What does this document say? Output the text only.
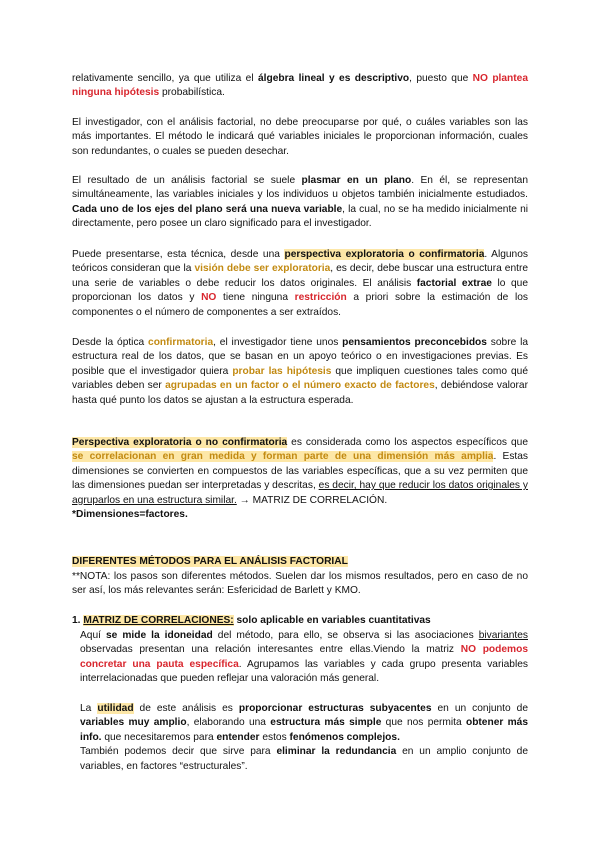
relativamente sencillo, ya que utiliza el álgebra lineal y es descriptivo, puesto que NO plantea ninguna hipótesis probabilística.

El investigador, con el análisis factorial, no debe preocuparse por qué, o cuáles variables son las más importantes. El método le indicará qué variables iniciales le proporcionan información, cuales son redundantes, o cuales se pueden desechar.

El resultado de un análisis factorial se suele plasmar en un plano. En él, se representan simultáneamente, las variables iniciales y los individuos u objetos también inicialmente estudiados. Cada uno de los ejes del plano será una nueva variable, la cual, no se ha medido inicialmente ni directamente, pero posee un claro significado para el investigador.

Puede presentarse, esta técnica, desde una perspectiva exploratoria o confirmatoria. Algunos teóricos consideran que la visión debe ser exploratoria, es decir, debe buscar una estructura entre una serie de variables o debe reducir los datos originales. El análisis factorial extrae lo que proporcionan los datos y NO tiene ninguna restricción a priori sobre la estimación de los componentes o el número de componentes a ser extraídos.

Desde la óptica confirmatoria, el investigador tiene unos pensamientos preconcebidos sobre la estructura real de los datos, que se basan en un apoyo teórico o en investigaciones previas. Es posible que el investigador quiera probar las hipótesis que impliquen cuestiones tales como qué variables deben ser agrupadas en un factor o el número exacto de factores, debiéndose valorar hasta qué punto los datos se ajustan a la estructura esperada.

Perspectiva exploratoria o no confirmatoria es considerada como los aspectos específicos que se correlacionan en gran medida y forman parte de una dimensión más amplia. Estas dimensiones se convierten en compuestos de las variables específicas, que a su vez permiten que las dimensiones puedan ser interpretadas y descritas, es decir, hay que reducir los datos originales y agruparlos en una estructura similar. → MATRIZ DE CORRELACIÓN.
*Dimensiones=factores.

DIFERENTES MÉTODOS PARA EL ANÁLISIS FACTORIAL

**NOTA: los pasos son diferentes métodos. Suelen dar los mismos resultados, pero en caso de no ser así, los más relevantes serán: Esfericidad de Barlett y KMO.

1. MATRIZ DE CORRELACIONES: solo aplicable en variables cuantitativas

Aquí se mide la idoneidad del método, para ello, se observa si las asociaciones bivariantes observadas presentan una relación interesantes entre ellas.Viendo la matriz NO podemos concretar una pauta específica. Agrupamos las variables y cada grupo presenta variables interrelacionadas que pueden reflejar una valoración más general.

La utilidad de este análisis es proporcionar estructuras subyacentes en un conjunto de variables muy amplio, elaborando una estructura más simple que nos permita obtener más info. que necesitaremos para entender estos fenómenos complejos.
También podemos decir que sirve para eliminar la redundancia en un amplio conjunto de variables, en factores “estructurales”.
